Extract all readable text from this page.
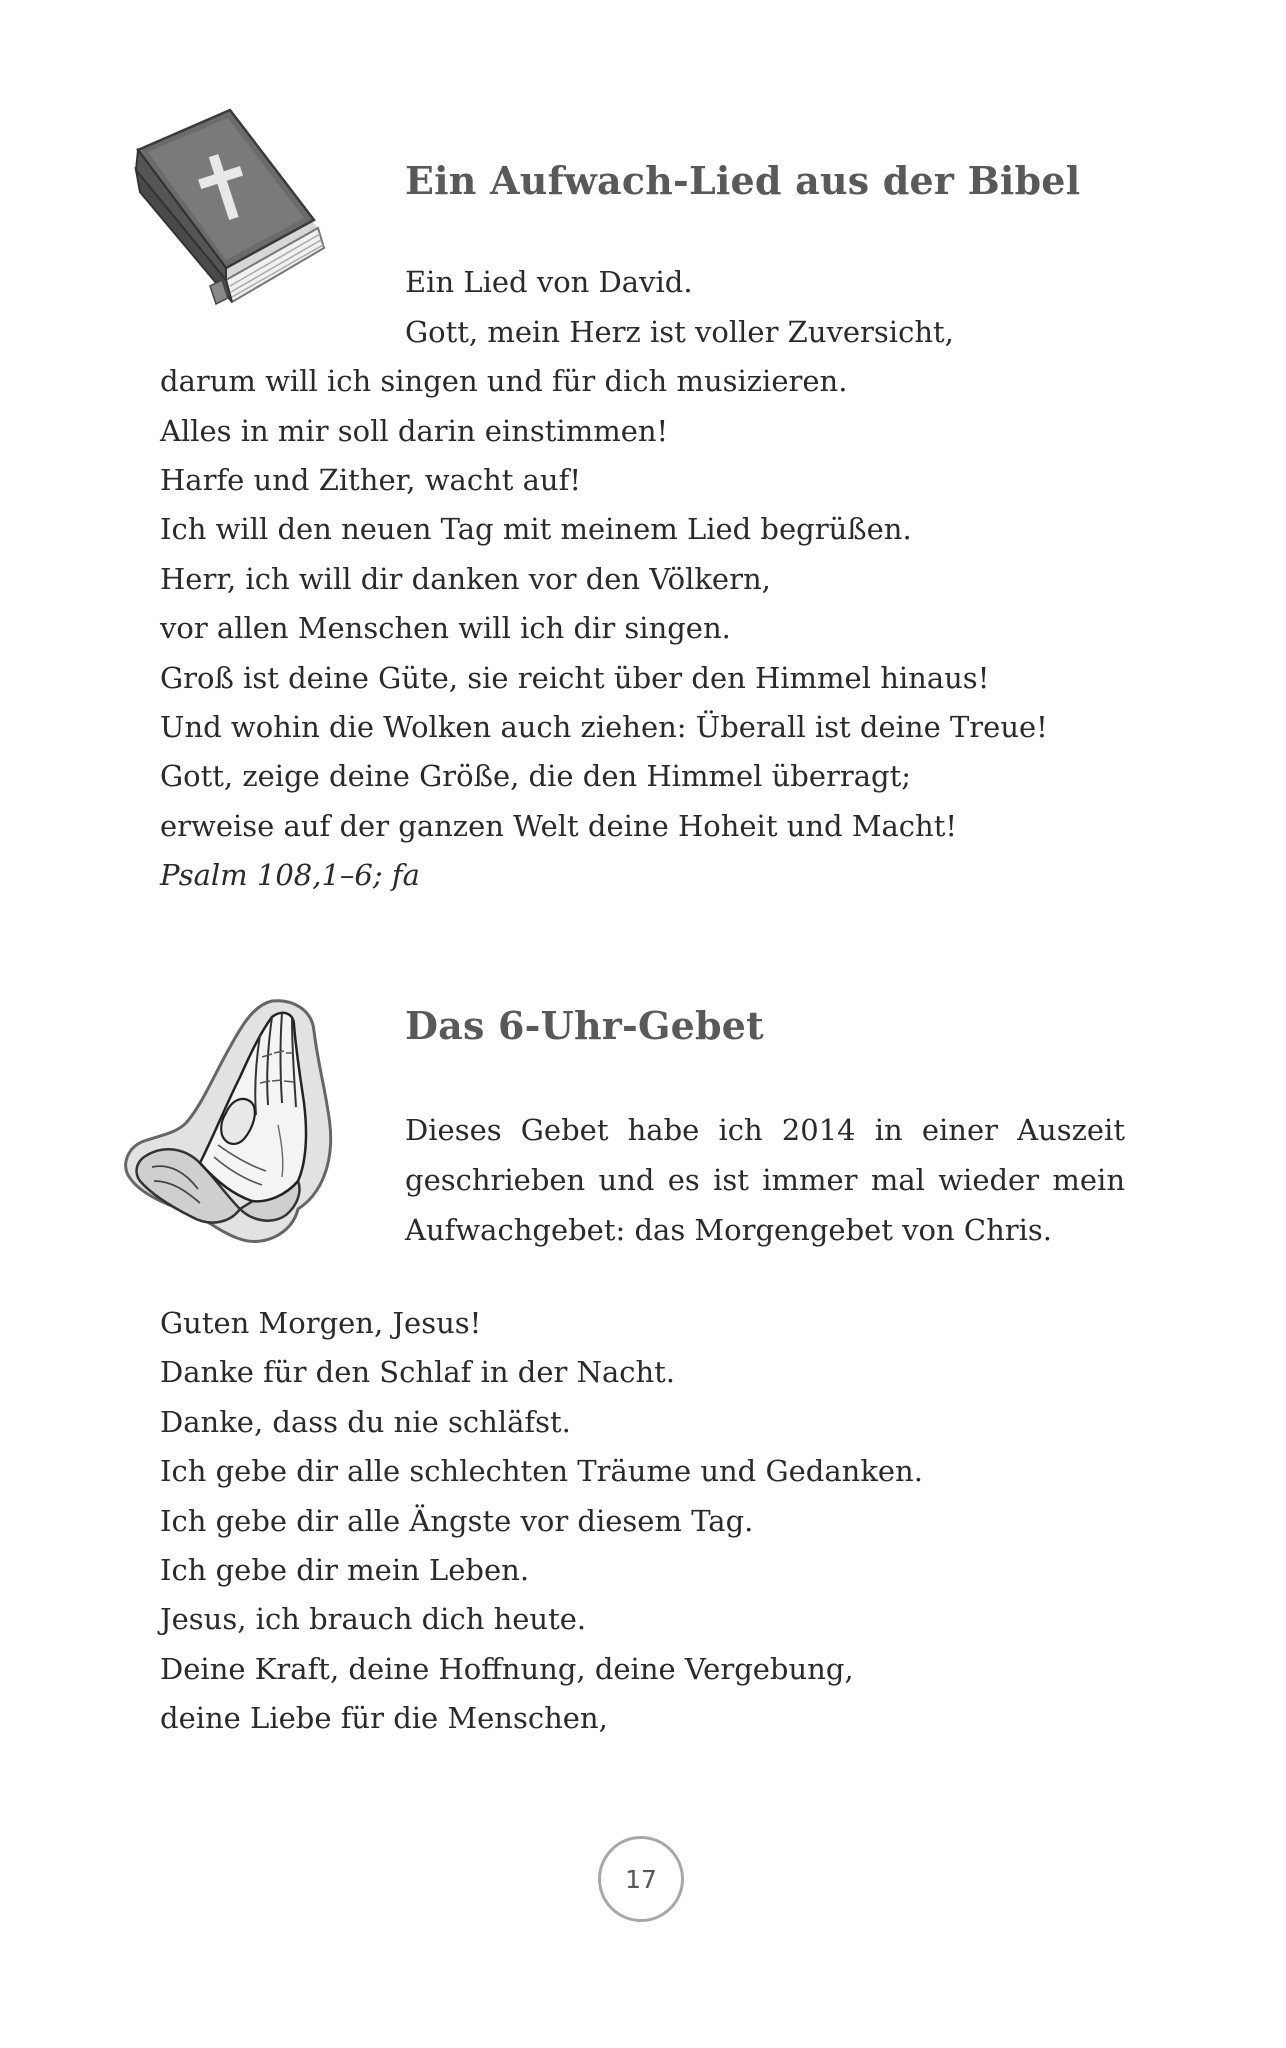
Ein Aufwach-Lied aus der Bibel
Ein Lied von David.
Gott, mein Herz ist voller Zuversicht,
darum will ich singen und für dich musizieren.
Alles in mir soll darin einstimmen!
Harfe und Zither, wacht auf!
Ich will den neuen Tag mit meinem Lied begrüßen.
Herr, ich will dir danken vor den Völkern,
vor allen Menschen will ich dir singen.
Groß ist deine Güte, sie reicht über den Himmel hinaus!
Und wohin die Wolken auch ziehen: Überall ist deine Treue!
Gott, zeige deine Größe, die den Himmel überragt;
erweise auf der ganzen Welt deine Hoheit und Macht!
Psalm 108,1–6; fa
Das 6-Uhr-Gebet
Dieses Gebet habe ich 2014 in einer Auszeit
geschrieben und es ist immer mal wieder mein
Aufwachgebet: das Morgengebet von Chris.
Guten Morgen, Jesus!
Danke für den Schlaf in der Nacht.
Danke, dass du nie schläfst.
Ich gebe dir alle schlechten Träume und Gedanken.
Ich gebe dir alle Ängste vor diesem Tag.
Ich gebe dir mein Leben.
Jesus, ich brauch dich heute.
Deine Kraft, deine Hoffnung, deine Vergebung,
deine Liebe für die Menschen,
17
